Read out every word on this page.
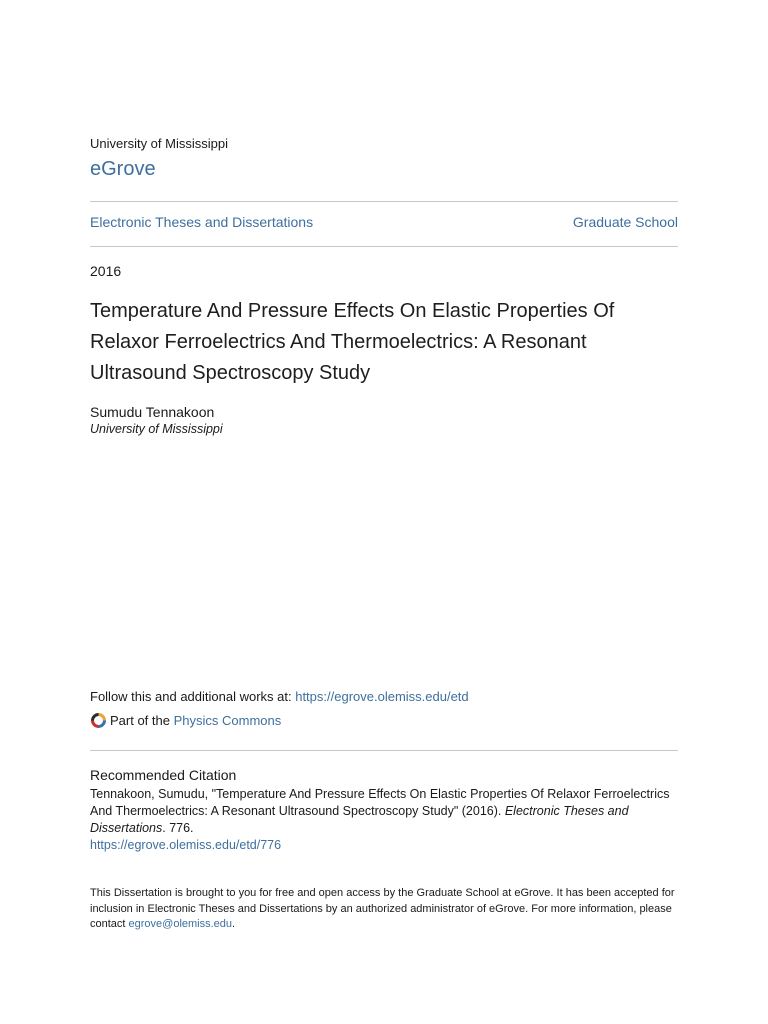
University of Mississippi
eGrove
Electronic Theses and Dissertations	Graduate School
2016
Temperature And Pressure Effects On Elastic Properties Of Relaxor Ferroelectrics And Thermoelectrics: A Resonant Ultrasound Spectroscopy Study
Sumudu Tennakoon
University of Mississippi
Follow this and additional works at: https://egrove.olemiss.edu/etd
Part of the Physics Commons
Recommended Citation
Tennakoon, Sumudu, "Temperature And Pressure Effects On Elastic Properties Of Relaxor Ferroelectrics And Thermoelectrics: A Resonant Ultrasound Spectroscopy Study" (2016). Electronic Theses and Dissertations. 776.
https://egrove.olemiss.edu/etd/776
This Dissertation is brought to you for free and open access by the Graduate School at eGrove. It has been accepted for inclusion in Electronic Theses and Dissertations by an authorized administrator of eGrove. For more information, please contact egrove@olemiss.edu.
